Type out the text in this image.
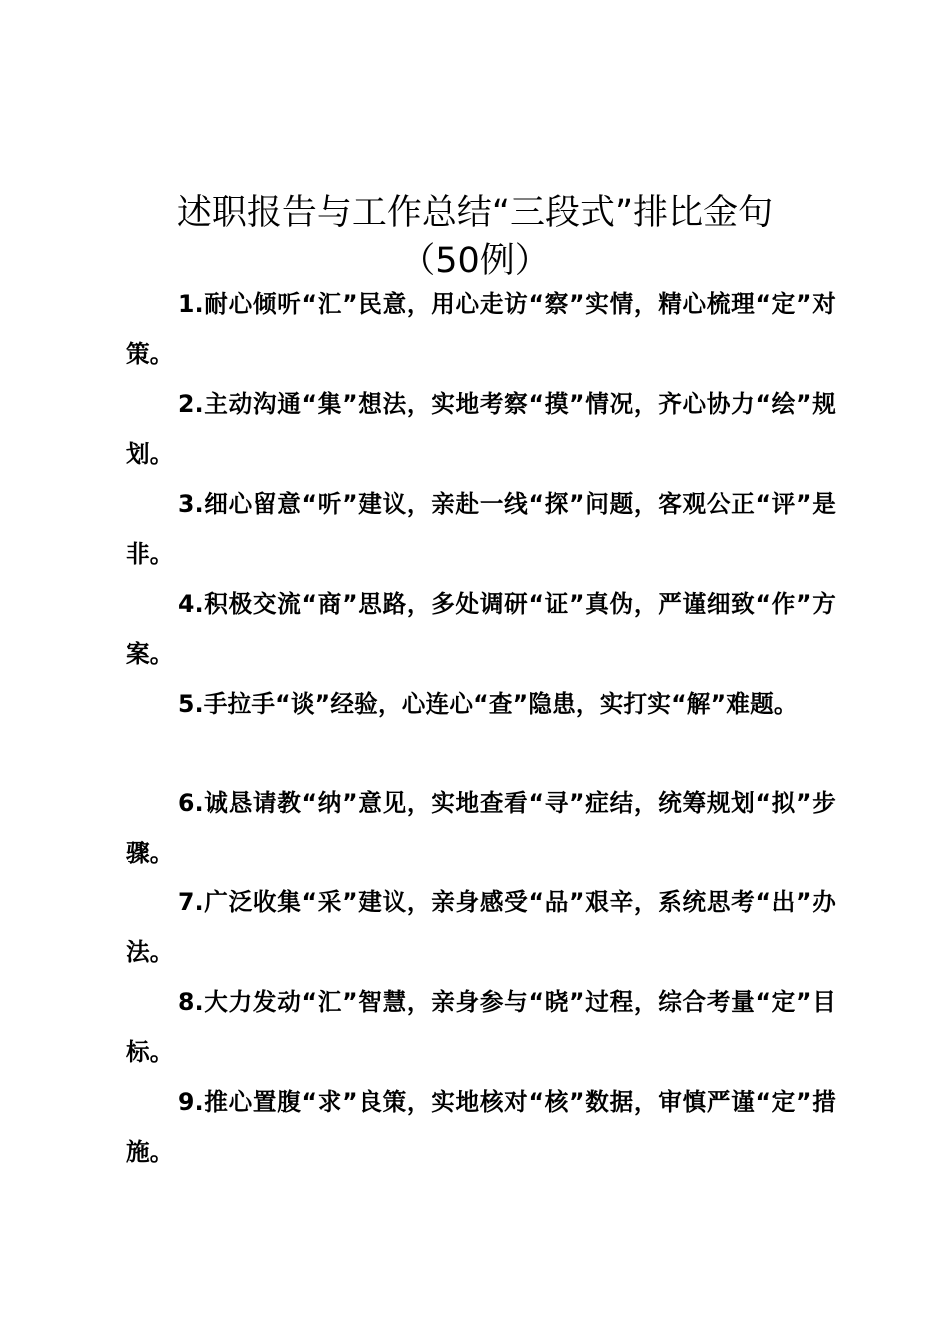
述职报告与工作总结“三段式”排比金句
（50例）
1.耐心倾听“汇”民意，用心走访“察”实情，精心梳理“定”对策。
2.主动沟通“集”想法，实地考察“摸”情况，齐心协力“绘”规划。
3.细心留意“听”建议，亲赴一线“探”问题，客观公正“评”是非。
4.积极交流“商”思路，多处调研“证”真伪，严谨细致“作”方案。
5.手拉手“谈”经验，心连心“查”隐患，实打实“解”难题。
6.诚恳请教“纳”意见，实地查看“寻”症结，统筹规划“拟”步骤。
7.广泛收集“采”建议，亲身感受“品”艰辛，系统思考“出”办法。
8.大力发动“汇”智慧，亲身参与“晓”过程，综合考量“定”目标。
9.推心置腹“求”良策，实地核对“核”数据，审慎严谨“定”措施。
